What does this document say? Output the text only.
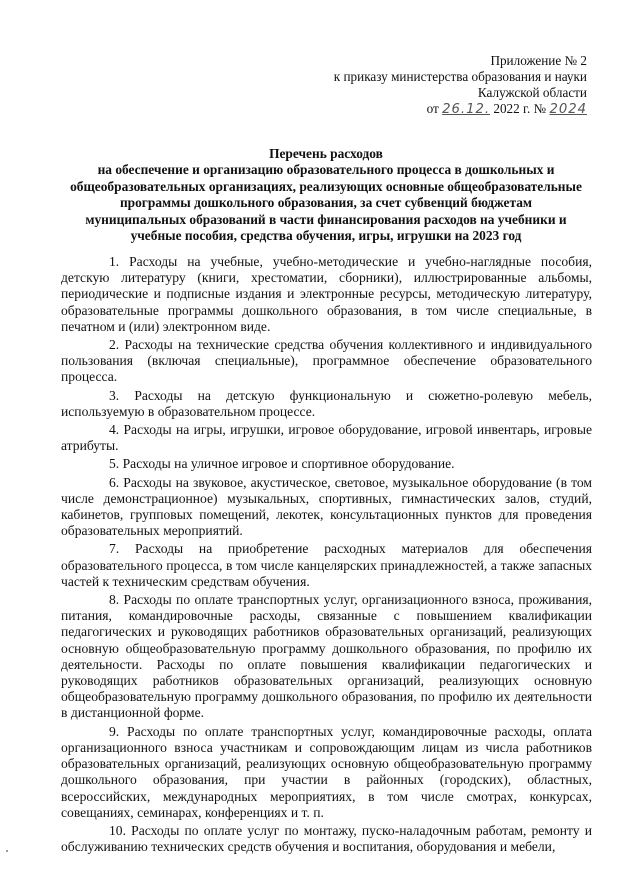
Приложение № 2
к приказу министерства образования и науки
Калужской области
от 26.12. 2022 г. № 2024
Перечень расходов
на обеспечение и организацию образовательного процесса в дошкольных и
общеобразовательных организациях, реализующих основные общеобразовательные
программы дошкольного образования, за счет субвенций бюджетам
муниципальных образований в части финансирования расходов на учебники и
учебные пособия, средства обучения, игры, игрушки на 2023 год

1. Расходы на учебные, учебно-методические и учебно-наглядные пособия, детскую литературу (книги, хрестоматии, сборники), иллюстрированные альбомы, периодические и подписные издания и электронные ресурсы, методическую литературу, образовательные программы дошкольного образования, в том числе специальные, в печатном и (или) электронном виде.

2. Расходы на технические средства обучения коллективного и индивидуального пользования (включая специальные), программное обеспечение образовательного процесса.

3. Расходы на детскую функциональную и сюжетно-ролевую мебель, используемую в образовательном процессе.

4. Расходы на игры, игрушки, игровое оборудование, игровой инвентарь, игровые атрибуты.

5. Расходы на уличное игровое и спортивное оборудование.

6. Расходы на звуковое, акустическое, световое, музыкальное оборудование (в том числе демонстрационное) музыкальных, спортивных, гимнастических залов, студий, кабинетов, групповых помещений, лекотек, консультационных пунктов для проведения образовательных мероприятий.

7. Расходы на приобретение расходных материалов для обеспечения образовательного процесса, в том числе канцелярских принадлежностей, а также запасных частей к техническим средствам обучения.

8. Расходы по оплате транспортных услуг, организационного взноса, проживания, питания, командировочные расходы, связанные с повышением квалификации педагогических и руководящих работников образовательных организаций, реализующих основную общеобразовательную программу дошкольного образования, по профилю их деятельности. Расходы по оплате повышения квалификации педагогических и руководящих работников образовательных организаций, реализующих основную общеобразовательную программу дошкольного образования, по профилю их деятельности в дистанционной форме.

9. Расходы по оплате транспортных услуг, командировочные расходы, оплата организационного взноса участникам и сопровождающим лицам из числа работников образовательных организаций, реализующих основную общеобразовательную программу дошкольного образования, при участии в районных (городских), областных, всероссийских, международных мероприятиях, в том числе смотрах, конкурсах, совещаниях, семинарах, конференциях и т. п.

10. Расходы по оплате услуг по монтажу, пуско-наладочным работам, ремонту и обслуживанию технических средств обучения и воспитания, оборудования и мебели,
